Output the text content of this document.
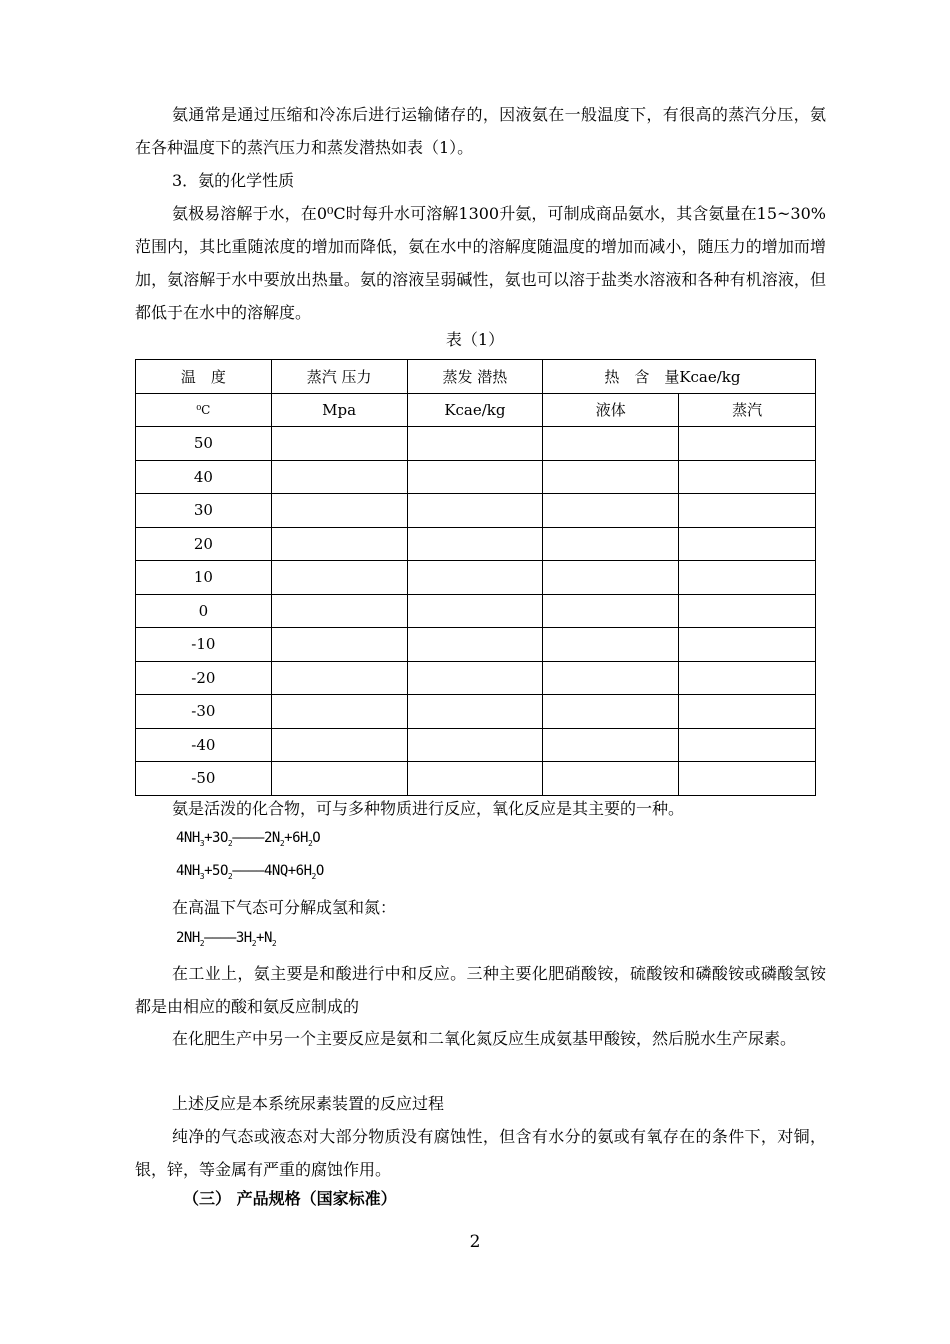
氨通常是通过压缩和冷冻后进行运输储存的，因液氨在一般温度下，有很高的蒸汽分压，氨在各种温度下的蒸汽压力和蒸发潜热如表（1）。

3．氨的化学性质

氨极易溶解于水，在0⁰C时每升水可溶解1300升氨，可制成商品氨水，其含氨量在15~30%范围内，其比重随浓度的增加而降低，氨在水中的溶解度随温度的增加而减小，随压力的增加而增加，氨溶解于水中要放出热量。氨的溶液呈弱碱性，氨也可以溶于盐类水溶液和各种有机溶液，但都低于在水中的溶解度。

表（1）
温　度	蒸汽 压力	蒸发 潜热	热　含　量Kcae/kg	
⁰C	Mpa	Kcae/kg	液体	蒸汽
50				
40				
30				
20				
10				
0				
-10				
-20				
-30				
-40				
-50				

氨是活泼的化合物，可与多种物质进行反应，氧化反应是其主要的一种。

$4NH_3+3O_2————2N_2+6H_2O$
$4NH_3+5O_2————4NQ+6H_2O$

在高温下气态可分解成氢和氮：

$2NH_2————3H_2+N_2$

在工业上，氨主要是和酸进行中和反应。三种主要化肥硝酸铵，硫酸铵和磷酸铵或磷酸氢铵都是由相应的酸和氨反应制成的

在化肥生产中另一个主要反应是氨和二氧化氮反应生成氨基甲酸铵，然后脱水生产尿素。

上述反应是本系统尿素装置的反应过程

纯净的气态或液态对大部分物质没有腐蚀性，但含有水分的氨或有氧存在的条件下，对铜，银，锌，等金属有严重的腐蚀作用。

（三） 产品规格（国家标准）
2
